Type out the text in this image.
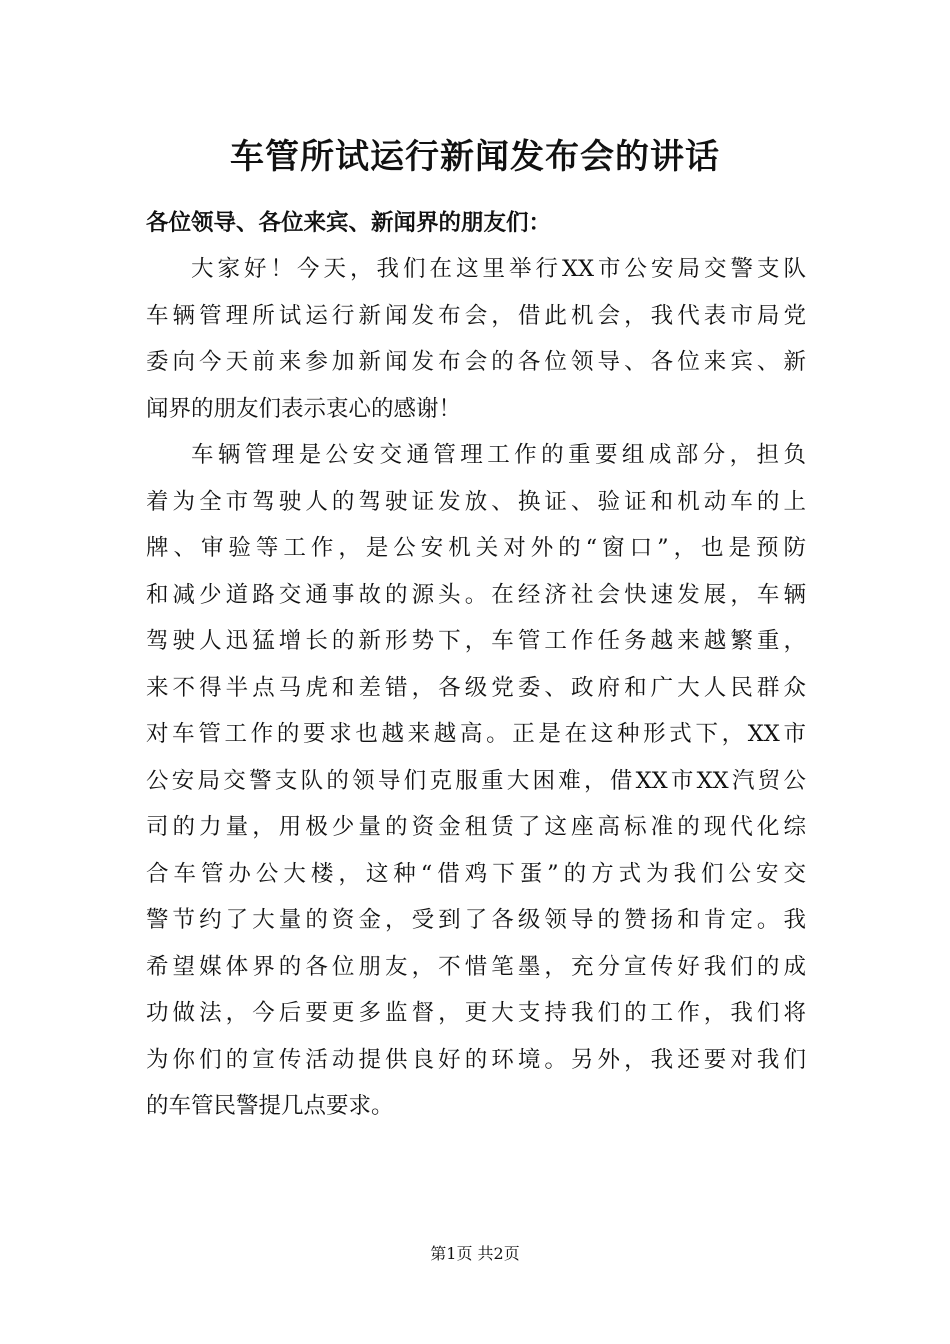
车管所试运行新闻发布会的讲话
各位领导、各位来宾、新闻界的朋友们：
大家好！今天，我们在这里举行XX市公安局交警支队
车辆管理所试运行新闻发布会，借此机会，我代表市局党
委向今天前来参加新闻发布会的各位领导、各位来宾、新
闻界的朋友们表示衷心的感谢！
车辆管理是公安交通管理工作的重要组成部分，担负
着为全市驾驶人的驾驶证发放、换证、验证和机动车的上
牌、审验等工作，是公安机关对外的“窗口”，也是预防
和减少道路交通事故的源头。在经济社会快速发展，车辆
驾驶人迅猛增长的新形势下，车管工作任务越来越繁重，
来不得半点马虎和差错，各级党委、政府和广大人民群众
对车管工作的要求也越来越高。正是在这种形式下，XX市
公安局交警支队的领导们克服重大困难，借XX市XX汽贸公
司的力量，用极少量的资金租赁了这座高标准的现代化综
合车管办公大楼，这种“借鸡下蛋”的方式为我们公安交
警节约了大量的资金，受到了各级领导的赞扬和肯定。我
希望媒体界的各位朋友，不惜笔墨，充分宣传好我们的成
功做法，今后要更多监督，更大支持我们的工作，我们将
为你们的宣传活动提供良好的环境。另外，我还要对我们
的车管民警提几点要求。
第1页 共2页
